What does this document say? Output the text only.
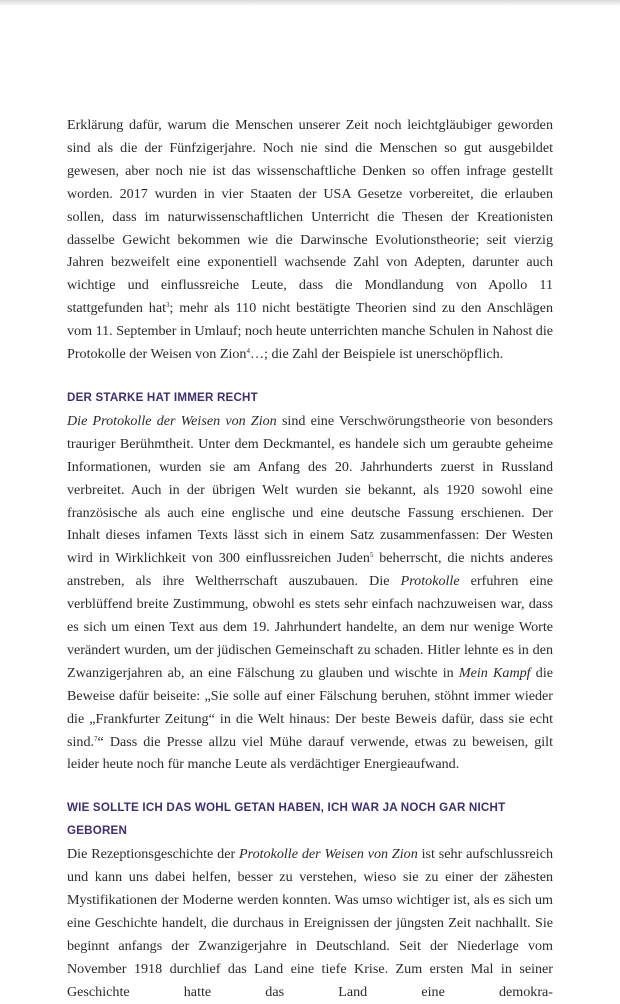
Erklärung dafür, warum die Menschen unserer Zeit noch leichtgläubiger geworden sind als die der Fünfzigerjahre. Noch nie sind die Menschen so gut ausgebildet gewesen, aber noch nie ist das wissenschaftliche Denken so offen infrage gestellt worden. 2017 wurden in vier Staaten der USA Gesetze vorbereitet, die erlauben sollen, dass im naturwissenschaftlichen Unterricht die Thesen der Kreationisten dasselbe Gewicht bekommen wie die Darwinsche Evolutionstheorie; seit vierzig Jahren bezweifelt eine exponentiell wachsende Zahl von Adepten, darunter auch wichtige und einflussreiche Leute, dass die Mondlandung von Apollo 11 stattgefunden hat$^3$; mehr als 110 nicht bestätigte Theorien sind zu den Anschlägen vom 11. September in Umlauf; noch heute unterrichten manche Schulen in Nahost die Protokolle der Weisen von Zion$^4$…; die Zahl der Beispiele ist unerschöpflich.

DER STARKE HAT IMMER RECHT

Die Protokolle der Weisen von Zion sind eine Verschwörungstheorie von besonders trauriger Berühmtheit. Unter dem Deckmantel, es handele sich um geraubte geheime Informationen, wurden sie am Anfang des 20. Jahrhunderts zuerst in Russland verbreitet. Auch in der übrigen Welt wurden sie bekannt, als 1920 sowohl eine französische als auch eine englische und eine deutsche Fassung erschienen. Der Inhalt dieses infamen Texts lässt sich in einem Satz zusammenfassen: Der Westen wird in Wirklichkeit von 300 einflussreichen Juden$^5$ beherrscht, die nichts anderes anstreben, als ihre Weltherrschaft auszubauen. Die Protokolle erfuhren eine verblüffend breite Zustimmung, obwohl es stets sehr einfach nachzuweisen war, dass es sich um einen Text aus dem 19. Jahrhundert handelte, an dem nur wenige Worte verändert wurden, um der jüdischen Gemeinschaft zu schaden. Hitler lehnte es in den Zwanzigerjahren ab, an eine Fälschung zu glauben und wischte in Mein Kampf die Beweise dafür beiseite: „Sie solle auf einer Fälschung beruhen, stöhnt immer wieder die „Frankfurter Zeitung“ in die Welt hinaus: Der beste Beweis dafür, dass sie echt sind.$^7$“ Dass die Presse allzu viel Mühe darauf verwende, etwas zu beweisen, gilt leider heute noch für manche Leute als verdächtiger Energieaufwand.

WIE SOLLTE ICH DAS WOHL GETAN HABEN, ICH WAR JA NOCH GAR NICHT GEBOREN

Die Rezeptionsgeschichte der Protokolle der Weisen von Zion ist sehr aufschlussreich und kann uns dabei helfen, besser zu verstehen, wieso sie zu einer der zähesten Mystifikationen der Moderne werden konnten. Was umso wichtiger ist, als es sich um eine Geschichte handelt, die durchaus in Ereignissen der jüngsten Zeit nachhallt. Sie beginnt anfangs der Zwanzigerjahre in Deutschland. Seit der Niederlage vom November 1918 durchlief das Land eine tiefe Krise. Zum ersten Mal in seiner Geschichte hatte das Land eine demokra-
